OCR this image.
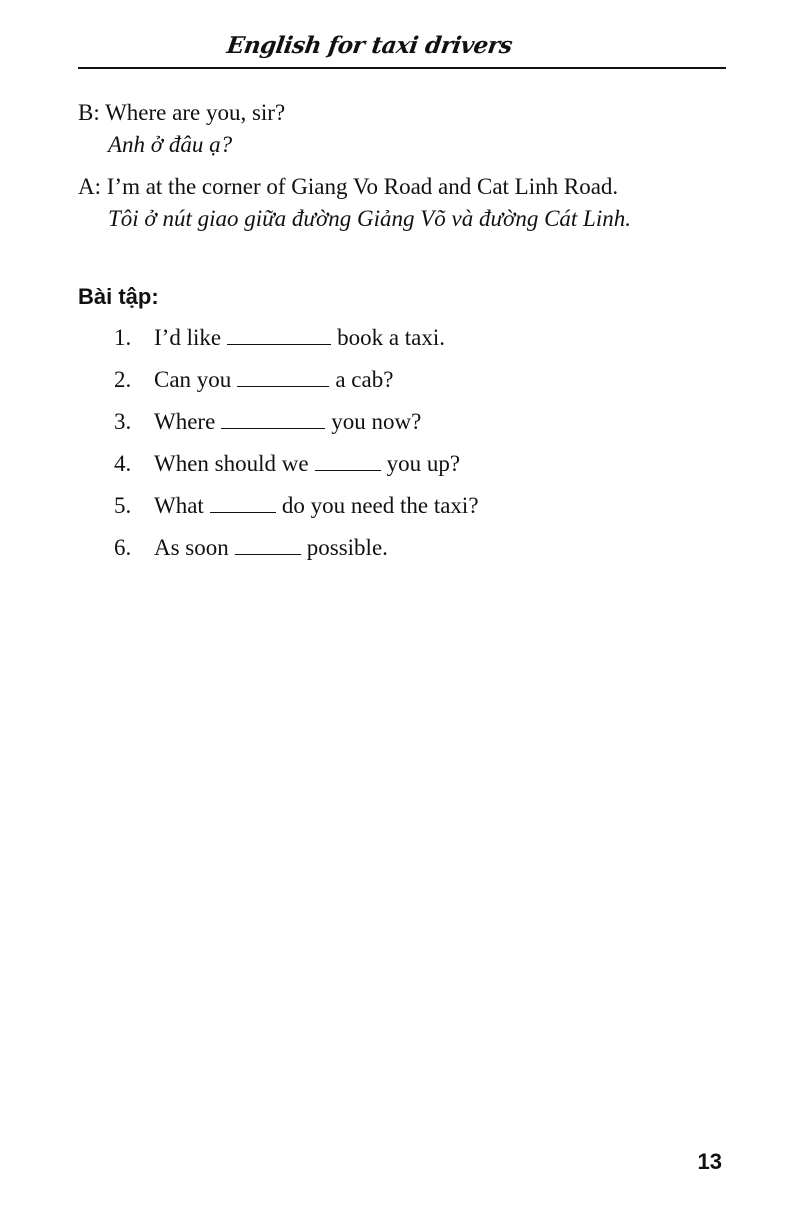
English for taxi drivers
B: Where are you, sir?
Anh ở đâu ạ?
A: I’m at the corner of Giang Vo Road and Cat Linh Road.
Tôi ở nút giao giữa đường Giảng Võ và đường Cát Linh.
Bài tập:
1. I’d like	book a taxi.
2. Can you	a cab?
3. Where	you now?
4. When should we	you up?
5. What	do you need the taxi?
6. As soon	possible.
13
